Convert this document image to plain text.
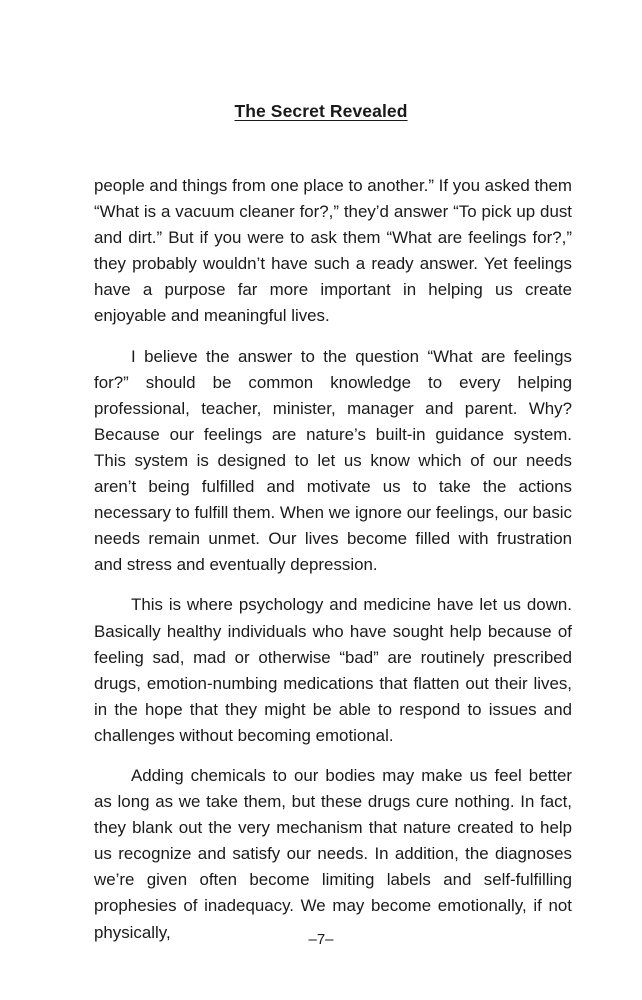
The Secret Revealed

people and things from one place to another.” If you asked them “What is a vacuum cleaner for?,” they’d answer “To pick up dust and dirt.” But if you were to ask them “What are feelings for?,” they probably wouldn’t have such a ready answer. Yet feelings have a purpose far more important in helping us create enjoyable and meaningful lives.

I believe the answer to the question “What are feelings for?” should be common knowledge to every helping professional, teacher, minister, manager and parent. Why? Because our feelings are nature’s built-in guidance system. This system is designed to let us know which of our needs aren’t being fulfilled and motivate us to take the actions necessary to fulfill them. When we ignore our feelings, our basic needs remain unmet. Our lives become filled with frustration and stress and eventually depression.

This is where psychology and medicine have let us down. Basically healthy individuals who have sought help because of feeling sad, mad or otherwise “bad” are routinely prescribed drugs, emotion-numbing medications that flatten out their lives, in the hope that they might be able to respond to issues and challenges without becoming emotional.

Adding chemicals to our bodies may make us feel better as long as we take them, but these drugs cure nothing. In fact, they blank out the very mechanism that nature created to help us recognize and satisfy our needs. In addition, the diagnoses we’re given often become limiting labels and self-fulfilling prophesies of inadequacy. We may become emotionally, if not physically,	–7–
